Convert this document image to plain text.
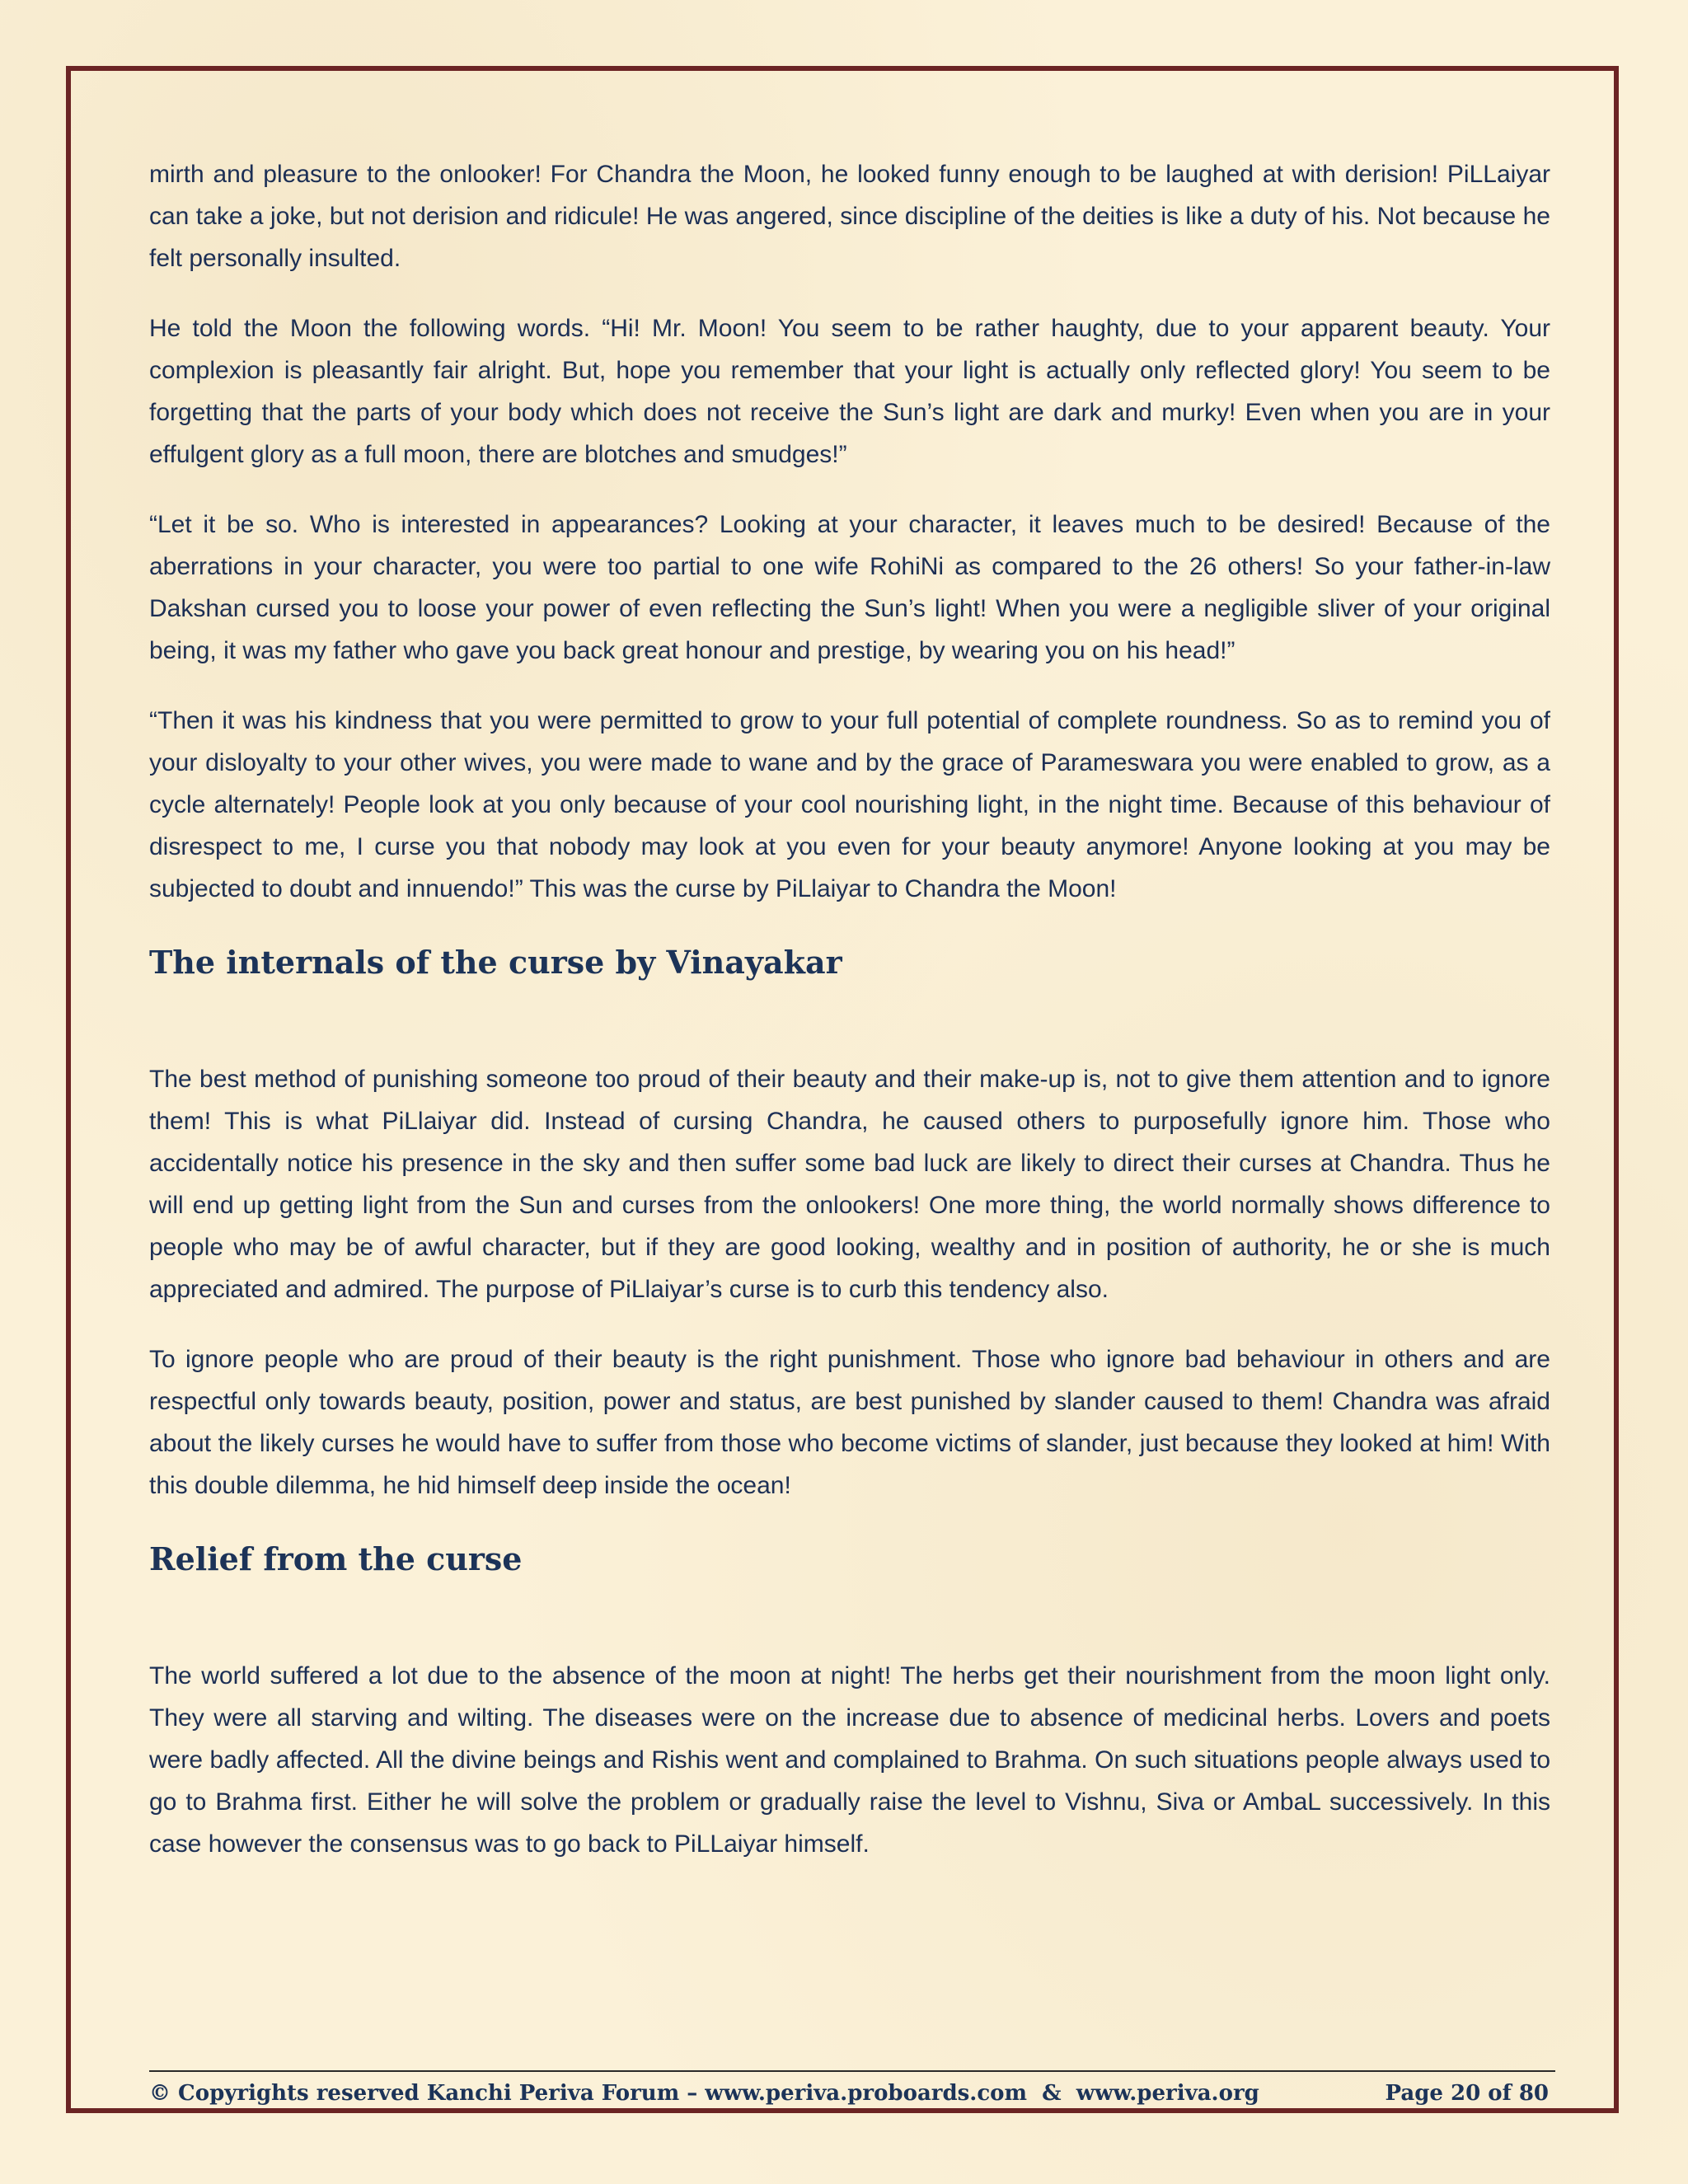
mirth and pleasure to the onlooker! For Chandra the Moon, he looked funny enough to be laughed at with derision! PiLLaiyar can take a joke, but not derision and ridicule! He was angered, since discipline of the deities is like a duty of his. Not because he felt personally insulted.

He told the Moon the following words. “Hi! Mr. Moon! You seem to be rather haughty, due to your apparent beauty. Your complexion is pleasantly fair alright. But, hope you remember that your light is actually only reflected glory! You seem to be forgetting that the parts of your body which does not receive the Sun’s light are dark and murky! Even when you are in your effulgent glory as a full moon, there are blotches and smudges!”

“Let it be so. Who is interested in appearances? Looking at your character, it leaves much to be desired! Because of the aberrations in your character, you were too partial to one wife RohiNi as compared to the 26 others! So your father-in-law Dakshan cursed you to loose your power of even reflecting the Sun’s light! When you were a negligible sliver of your original being, it was my father who gave you back great honour and prestige, by wearing you on his head!”

“Then it was his kindness that you were permitted to grow to your full potential of complete roundness. So as to remind you of your disloyalty to your other wives, you were made to wane and by the grace of Parameswara you were enabled to grow, as a cycle alternately! People look at you only because of your cool nourishing light, in the night time. Because of this behaviour of disrespect to me, I curse you that nobody may look at you even for your beauty anymore! Anyone looking at you may be subjected to doubt and innuendo!” This was the curse by PiLlaiyar to Chandra the Moon!

The internals of the curse by Vinayakar

The best method of punishing someone too proud of their beauty and their make-up is, not to give them attention and to ignore them! This is what PiLlaiyar did. Instead of cursing Chandra, he caused others to purposefully ignore him. Those who accidentally notice his presence in the sky and then suffer some bad luck are likely to direct their curses at Chandra. Thus he will end up getting light from the Sun and curses from the onlookers! One more thing, the world normally shows difference to people who may be of awful character, but if they are good looking, wealthy and in position of authority, he or she is much appreciated and admired. The purpose of PiLlaiyar’s curse is to curb this tendency also.

To ignore people who are proud of their beauty is the right punishment. Those who ignore bad behaviour in others and are respectful only towards beauty, position, power and status, are best punished by slander caused to them! Chandra was afraid about the likely curses he would have to suffer from those who become victims of slander, just because they looked at him! With this double dilemma, he hid himself deep inside the ocean!

Relief from the curse

The world suffered a lot due to the absence of the moon at night! The herbs get their nourishment from the moon light only. They were all starving and wilting. The diseases were on the increase due to absence of medicinal herbs. Lovers and poets were badly affected. All the divine beings and Rishis went and complained to Brahma. On such situations people always used to go to Brahma first. Either he will solve the problem or gradually raise the level to Vishnu, Siva or AmbaL successively. In this case however the consensus was to go back to PiLLaiyar himself.

© Copyrights reserved Kanchi Periva Forum – www.periva.proboards.com  &  www.periva.org	Page 20 of 80
